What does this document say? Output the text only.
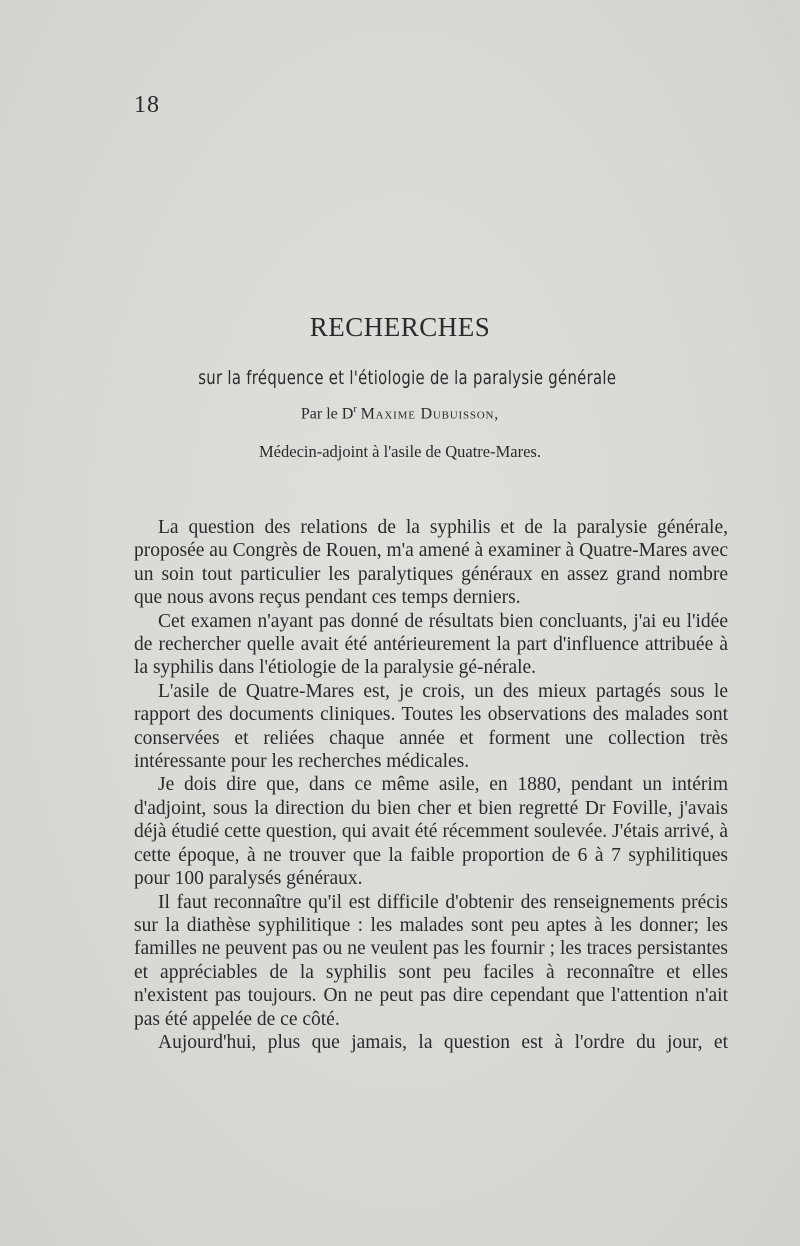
18
RECHERCHES
sur la fréquence et l'étiologie de la paralysie générale
Par le $D^r$ Maxime Dubuisson,
Médecin-adjoint à l'asile de Quatre-Mares.

La question des relations de la syphilis et de la paralysie générale, proposée au Congrès de Rouen, m'a amené à examiner à Quatre-Mares avec un soin tout particulier les paralytiques généraux en assez grand nombre que nous avons reçus pendant ces temps derniers.

Cet examen n'ayant pas donné de résultats bien concluants, j'ai eu l'idée de rechercher quelle avait été antérieurement la part d'influence attribuée à la syphilis dans l'étiologie de la paralysie gé-nérale.

L'asile de Quatre-Mares est, je crois, un des mieux partagés sous le rapport des documents cliniques. Toutes les observations des malades sont conservées et reliées chaque année et forment une collection très intéressante pour les recherches médicales.

Je dois dire que, dans ce même asile, en 1880, pendant un intérim d'adjoint, sous la direction du bien cher et bien regretté Dr Foville, j'avais déjà étudié cette question, qui avait été récemment soulevée. J'étais arrivé, à cette époque, à ne trouver que la faible proportion de 6 à 7 syphilitiques pour 100 paralysés généraux.

Il faut reconnaître qu'il est difficile d'obtenir des renseignements précis sur la diathèse syphilitique : les malades sont peu aptes à les donner; les familles ne peuvent pas ou ne veulent pas les fournir ; les traces persistantes et appréciables de la syphilis sont peu faciles à reconnaître et elles n'existent pas toujours. On ne peut pas dire cependant que l'attention n'ait pas été appelée de ce côté.

Aujourd'hui, plus que jamais, la question est à l'ordre du jour, et
